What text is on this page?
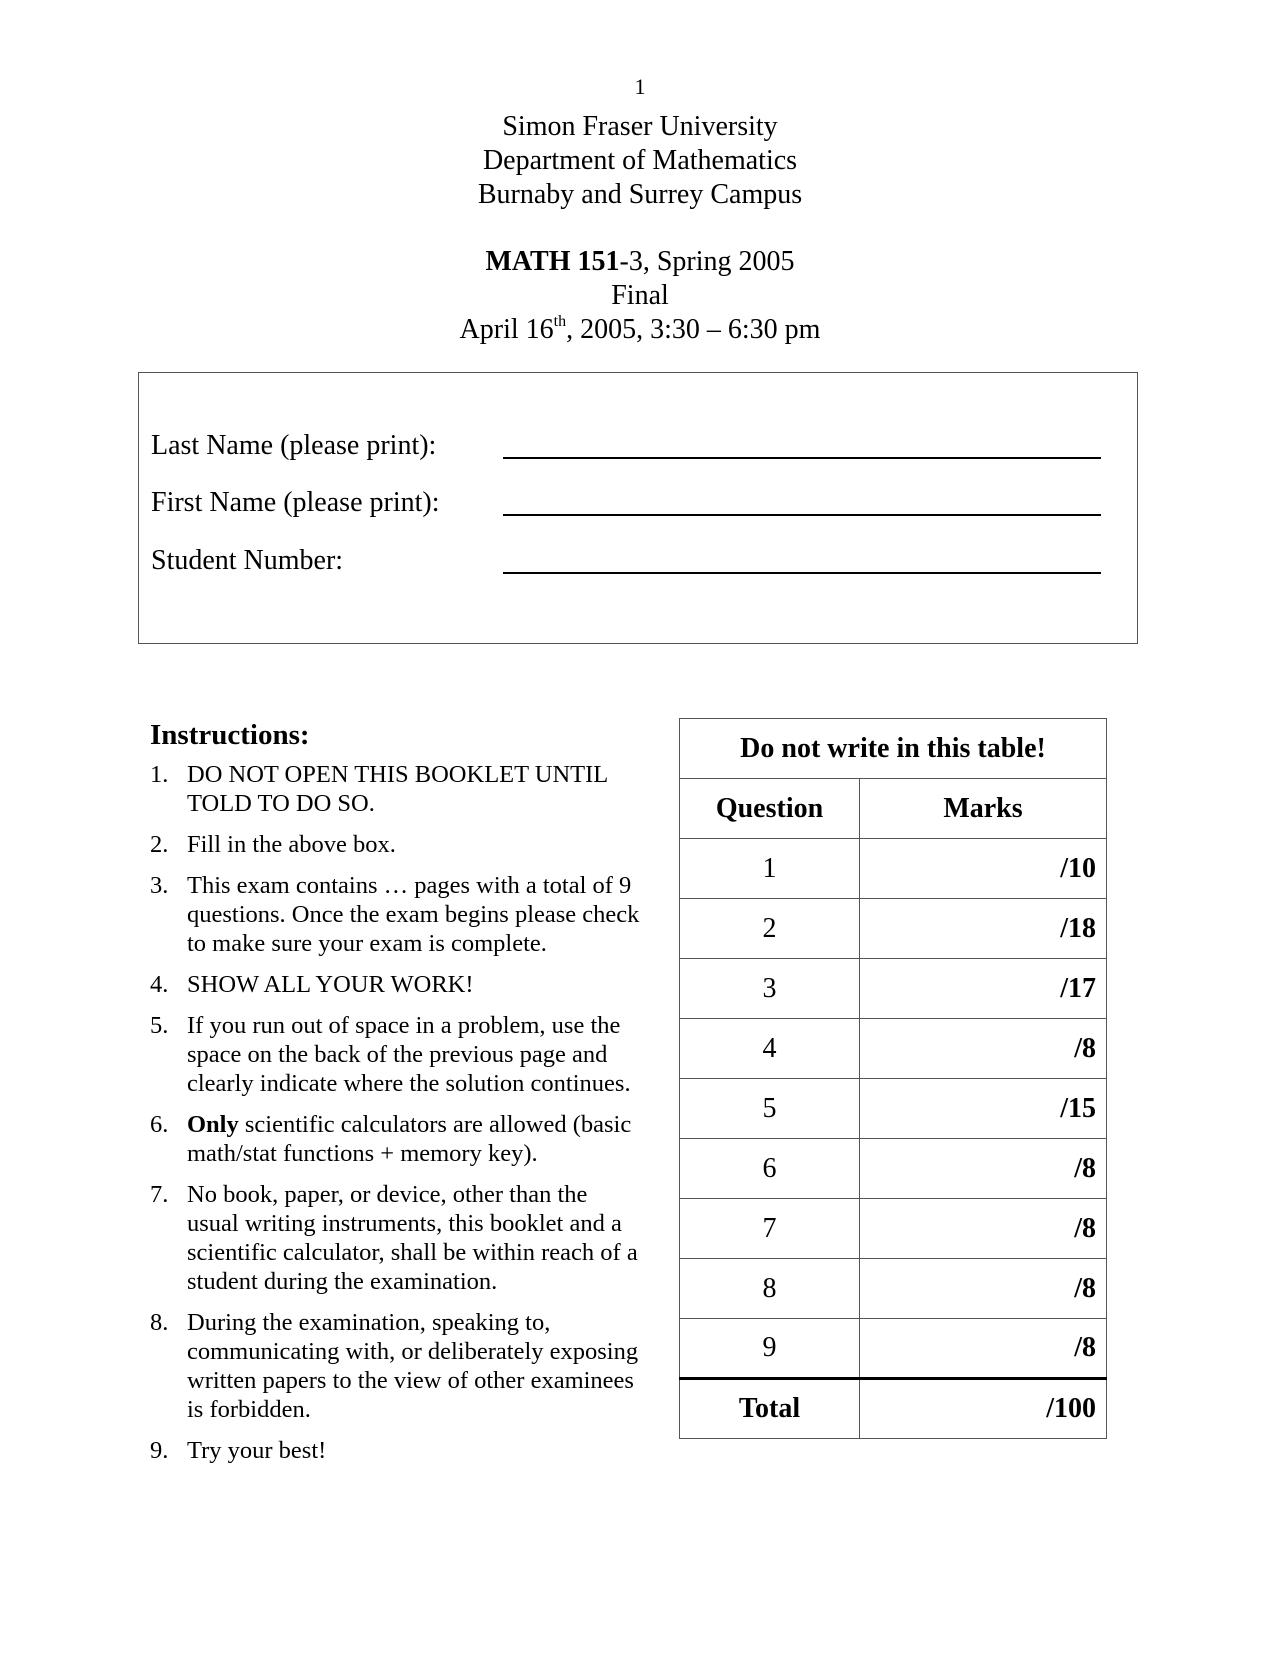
1
Simon Fraser University
Department of Mathematics
Burnaby and Surrey Campus
MATH 151-3, Spring 2005
Final
April 16th, 2005, 3:30 – 6:30 pm
Last Name (please print):
First Name (please print):
Student Number:
Instructions:
1. DO NOT OPEN THIS BOOKLET UNTIL TOLD TO DO SO.
2. Fill in the above box.
3. This exam contains … pages with a total of 9 questions. Once the exam begins please check to make sure your exam is complete.
4. SHOW ALL YOUR WORK!
5. If you run out of space in a problem, use the space on the back of the previous page and clearly indicate where the solution continues.
6. Only scientific calculators are allowed (basic math/stat functions + memory key).
7. No book, paper, or device, other than the usual writing instruments, this booklet and a scientific calculator, shall be within reach of a student during the examination.
8. During the examination, speaking to, communicating with, or deliberately exposing written papers to the view of other examinees is forbidden.
9. Try your best!
Do not write in this table!	
Question	Marks
1	/10
2	/18
3	/17
4	/8
5	/15
6	/8
7	/8
8	/8
9	/8
Total	/100
